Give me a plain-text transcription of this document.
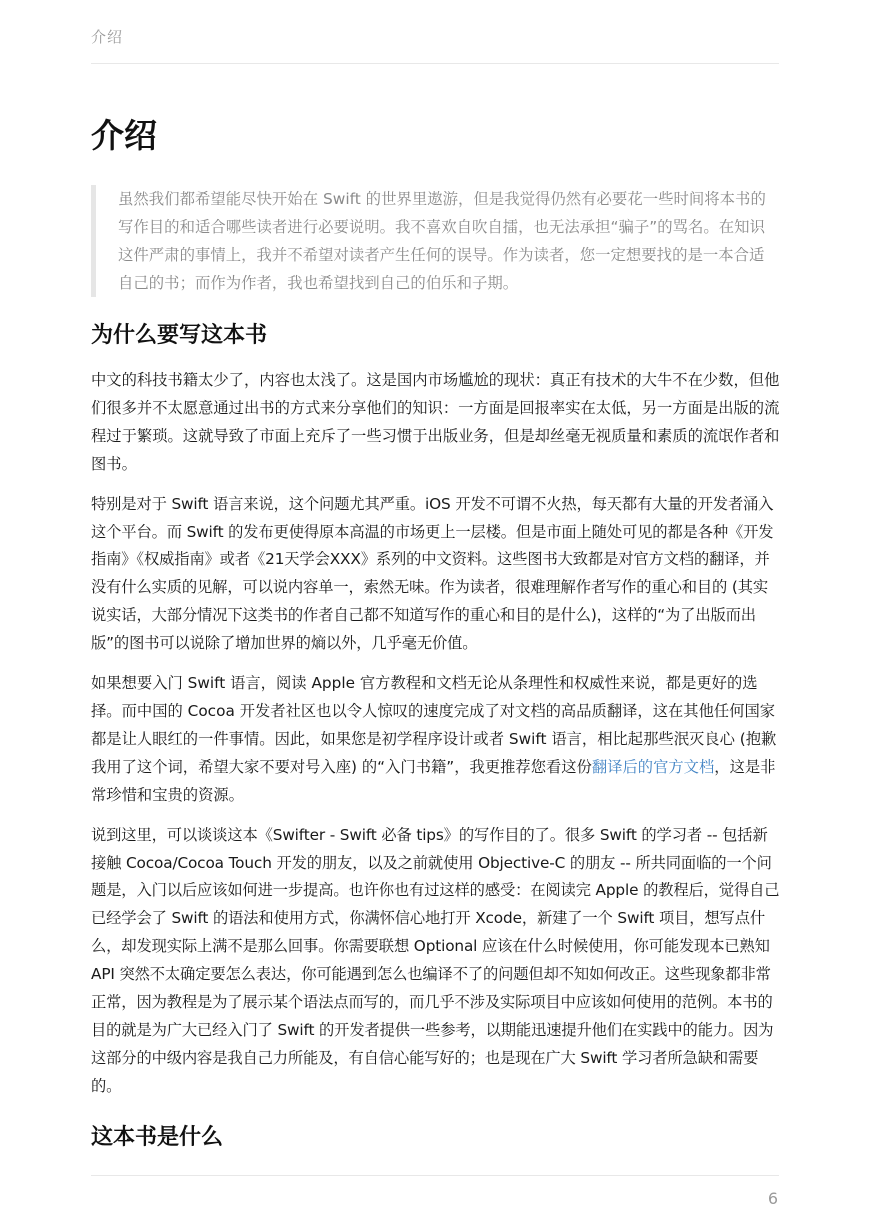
介绍
介绍

虽然我们都希望能尽快开始在 Swift 的世界里遨游，但是我觉得仍然有必要花一些时间将本书的写作目的和适合哪些读者进行必要说明。我不喜欢自吹自擂，也无法承担“骗子”的骂名。在知识这件严肃的事情上，我并不希望对读者产生任何的误导。作为读者，您一定想要找的是一本合适自己的书；而作为作者，我也希望找到自己的伯乐和子期。

为什么要写这本书

中文的科技书籍太少了，内容也太浅了。这是国内市场尴尬的现状：真正有技术的大牛不在少数，但他们很多并不太愿意通过出书的方式来分享他们的知识：一方面是回报率实在太低，另一方面是出版的流程过于繁琐。这就导致了市面上充斥了一些习惯于出版业务，但是却丝毫无视质量和素质的流氓作者和图书。

特别是对于 Swift 语言来说，这个问题尤其严重。iOS 开发不可谓不火热，每天都有大量的开发者涌入这个平台。而 Swift 的发布更使得原本高温的市场更上一层楼。但是市面上随处可见的都是各种《开发指南》《权威指南》或者《21天学会XXX》系列的中文资料。这些图书大致都是对官方文档的翻译，并没有什么实质的见解，可以说内容单一，索然无味。作为读者，很难理解作者写作的重心和目的 (其实说实话，大部分情况下这类书的作者自己都不知道写作的重心和目的是什么)，这样的“为了出版而出版”的图书可以说除了增加世界的熵以外，几乎毫无价值。

如果想要入门 Swift 语言，阅读 Apple 官方教程和文档无论从条理性和权威性来说，都是更好的选择。而中国的 Cocoa 开发者社区也以令人惊叹的速度完成了对文档的高品质翻译，这在其他任何国家都是让人眼红的一件事情。因此，如果您是初学程序设计或者 Swift 语言，相比起那些泯灭良心 (抱歉我用了这个词，希望大家不要对号入座) 的“入门书籍”，我更推荐您看这份翻译后的官方文档，这是非常珍惜和宝贵的资源。

说到这里，可以谈谈这本《Swifter - Swift 必备 tips》的写作目的了。很多 Swift 的学习者 -- 包括新接触 Cocoa/Cocoa Touch 开发的朋友，以及之前就使用 Objective-C 的朋友 -- 所共同面临的一个问题是，入门以后应该如何进一步提高。也许你也有过这样的感受：在阅读完 Apple 的教程后，觉得自己已经学会了 Swift 的语法和使用方式，你满怀信心地打开 Xcode，新建了一个 Swift 项目，想写点什么，却发现实际上满不是那么回事。你需要联想 Optional 应该在什么时候使用，你可能发现本已熟知 API 突然不太确定要怎么表达，你可能遇到怎么也编译不了的问题但却不知如何改正。这些现象都非常正常，因为教程是为了展示某个语法点而写的，而几乎不涉及实际项目中应该如何使用的范例。本书的目的就是为广大已经入门了 Swift 的开发者提供一些参考，以期能迅速提升他们在实践中的能力。因为这部分的中级内容是我自己力所能及，有自信心能写好的；也是现在广大 Swift 学习者所急缺和需要的。

这本书是什么
6
